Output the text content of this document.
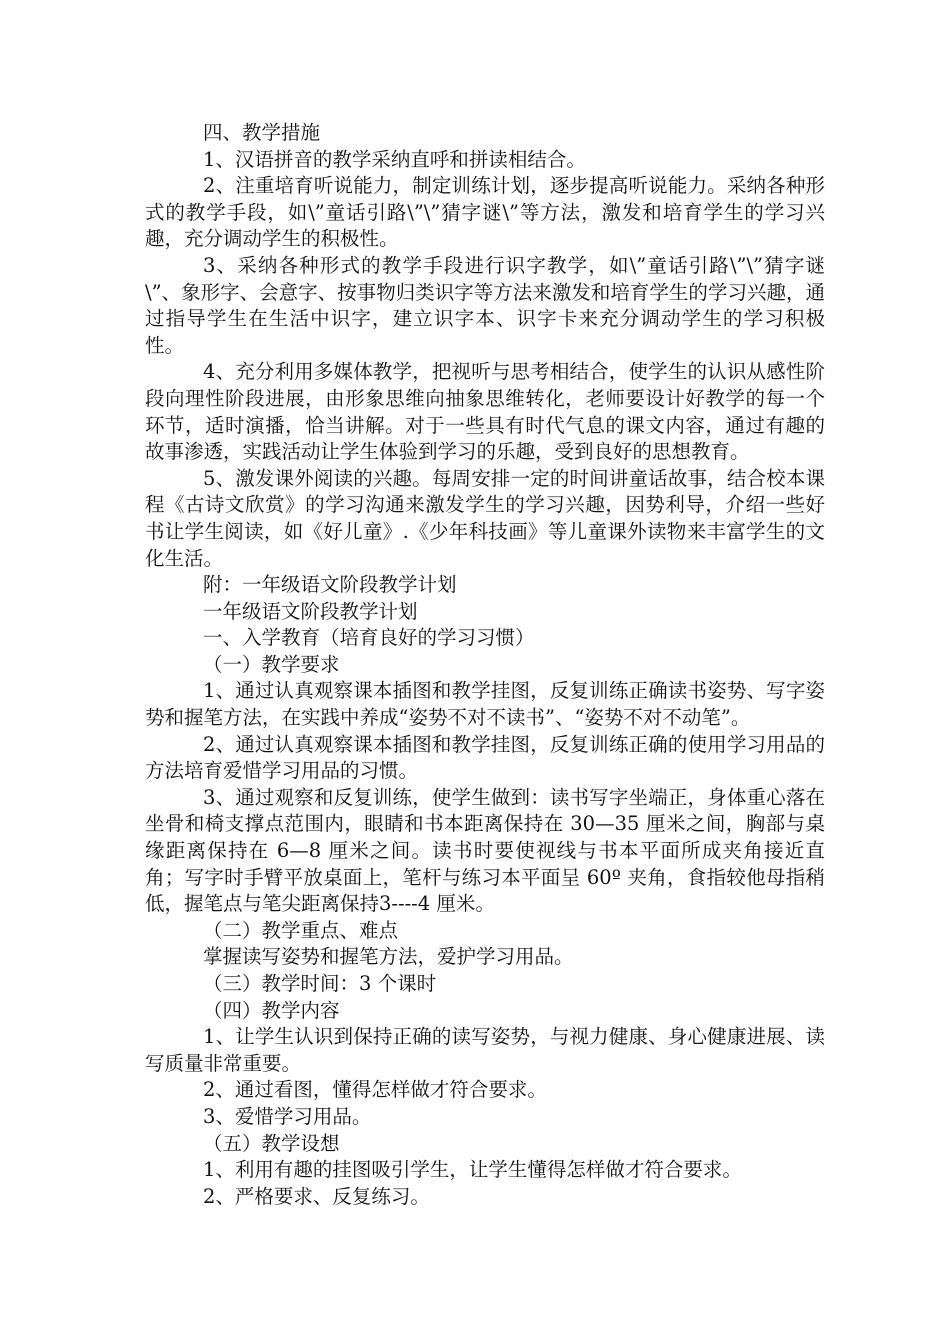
四、教学措施

1、汉语拼音的教学采纳直呼和拼读相结合。

2、注重培育听说能力，制定训练计划，逐步提高听说能力。采纳各种形式的教学手段，如\”童话引路\”\”猜字谜\”等方法，激发和培育学生的学习兴趣，充分调动学生的积极性。

3、采纳各种形式的教学手段进行识字教学，如\”童话引路\”\”猜字谜\”、象形字、会意字、按事物归类识字等方法来激发和培育学生的学习兴趣，通过指导学生在生活中识字，建立识字本、识字卡来充分调动学生的学习积极性。

4、充分利用多媒体教学，把视听与思考相结合，使学生的认识从感性阶段向理性阶段进展，由形象思维向抽象思维转化，老师要设计好教学的每一个环节，适时演播，恰当讲解。对于一些具有时代气息的课文内容，通过有趣的故事渗透，实践活动让学生体验到学习的乐趣，受到良好的思想教育。

5、激发课外阅读的兴趣。每周安排一定的时间讲童话故事，结合校本课程《古诗文欣赏》的学习沟通来激发学生的学习兴趣，因势利导，介绍一些好书让学生阅读，如《好儿童》.《少年科技画》等儿童课外读物来丰富学生的文化生活。

附：一年级语文阶段教学计划

一年级语文阶段教学计划

一、入学教育（培育良好的学习习惯）

（一）教学要求

1、通过认真观察课本插图和教学挂图，反复训练正确读书姿势、写字姿势和握笔方法，在实践中养成“姿势不对不读书”、“姿势不对不动笔”。

2、通过认真观察课本插图和教学挂图，反复训练正确的使用学习用品的方法培育爱惜学习用品的习惯。

3、通过观察和反复训练，使学生做到：读书写字坐端正，身体重心落在坐骨和椅支撑点范围内，眼睛和书本距离保持在 30—35 厘米之间，胸部与桌缘距离保持在 6—8 厘米之间。读书时要使视线与书本平面所成夹角接近直角；写字时手臂平放桌面上，笔杆与练习本平面呈 60º 夹角，食指较他母指稍低，握笔点与笔尖距离保持3----4 厘米。

（二）教学重点、难点

掌握读写姿势和握笔方法，爱护学习用品。

（三）教学时间：3 个课时

（四）教学内容

1、让学生认识到保持正确的读写姿势，与视力健康、身心健康进展、读写质量非常重要。

2、通过看图，懂得怎样做才符合要求。

3、爱惜学习用品。

（五）教学设想

1、利用有趣的挂图吸引学生，让学生懂得怎样做才符合要求。

2、严格要求、反复练习。
